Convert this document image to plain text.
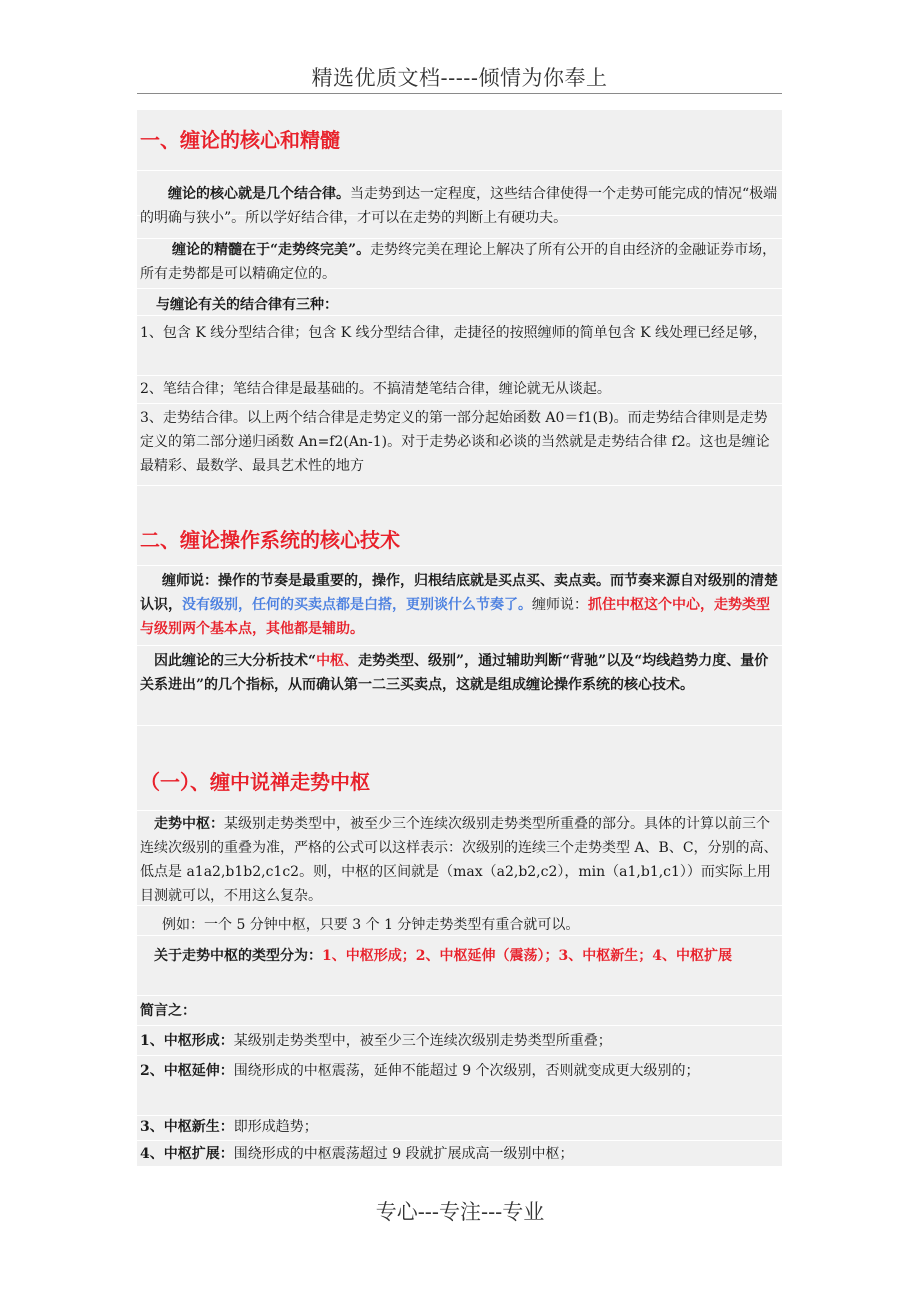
精选优质文档-----倾情为你奉上
一、缠论的核心和精髓
缠论的核心就是几个结合律。当走势到达一定程度，这些结合律使得一个走势可能完成的情况“极端的明确与狭小”。所以学好结合律，才可以在走势的判断上有硬功夫。
缠论的精髓在于“走势终完美”。走势终完美在理论上解决了所有公开的自由经济的金融证券市场，所有走势都是可以精确定位的。
与缠论有关的结合律有三种：
1、包含 K 线分型结合律；包含 K 线分型结合律，走捷径的按照缠师的简单包含 K 线处理已经足够，
2、笔结合律；笔结合律是最基础的。不搞清楚笔结合律，缠论就无从谈起。
3、走势结合律。以上两个结合律是走势定义的第一部分起始函数 A0＝f1(B)。而走势结合律则是走势定义的第二部分递归函数 An=f2(An-1)。对于走势必谈和必谈的当然就是走势结合律 f2。这也是缠论最精彩、最数学、最具艺术性的地方
二、缠论操作系统的核心技术
缠师说：操作的节奏是最重要的，操作，归根结底就是买点买、卖点卖。而节奏来源自对级别的清楚认识，没有级别，任何的买卖点都是白搭，更别谈什么节奏了。缠师说：抓住中枢这个中心，走势类型与级别两个基本点，其他都是辅助。
因此缠论的三大分析技术“中枢、走势类型、级别”，通过辅助判断“背驰”以及“均线趋势力度、量价关系进出”的几个指标，从而确认第一二三买卖点，这就是组成缠论操作系统的核心技术。
（一）、缠中说禅走势中枢
走势中枢：某级别走势类型中，被至少三个连续次级别走势类型所重叠的部分。具体的计算以前三个连续次级别的重叠为准，严格的公式可以这样表示：次级别的连续三个走势类型 A、B、C，分别的高、低点是 a1a2,b1b2,c1c2。则，中枢的区间就是（max（a2,b2,c2），min（a1,b1,c1））而实际上用目测就可以，不用这么复杂。
例如：一个 5 分钟中枢，只要 3 个 1 分钟走势类型有重合就可以。
关于走势中枢的类型分为：1、中枢形成；2、中枢延伸（震荡）；3、中枢新生；4、中枢扩展
简言之：
1、中枢形成：某级别走势类型中，被至少三个连续次级别走势类型所重叠；
2、中枢延伸：围绕形成的中枢震荡，延伸不能超过 9 个次级别，否则就变成更大级别的；
3、中枢新生：即形成趋势；
4、中枢扩展：围绕形成的中枢震荡超过 9 段就扩展成高一级别中枢；
专心---专注---专业
